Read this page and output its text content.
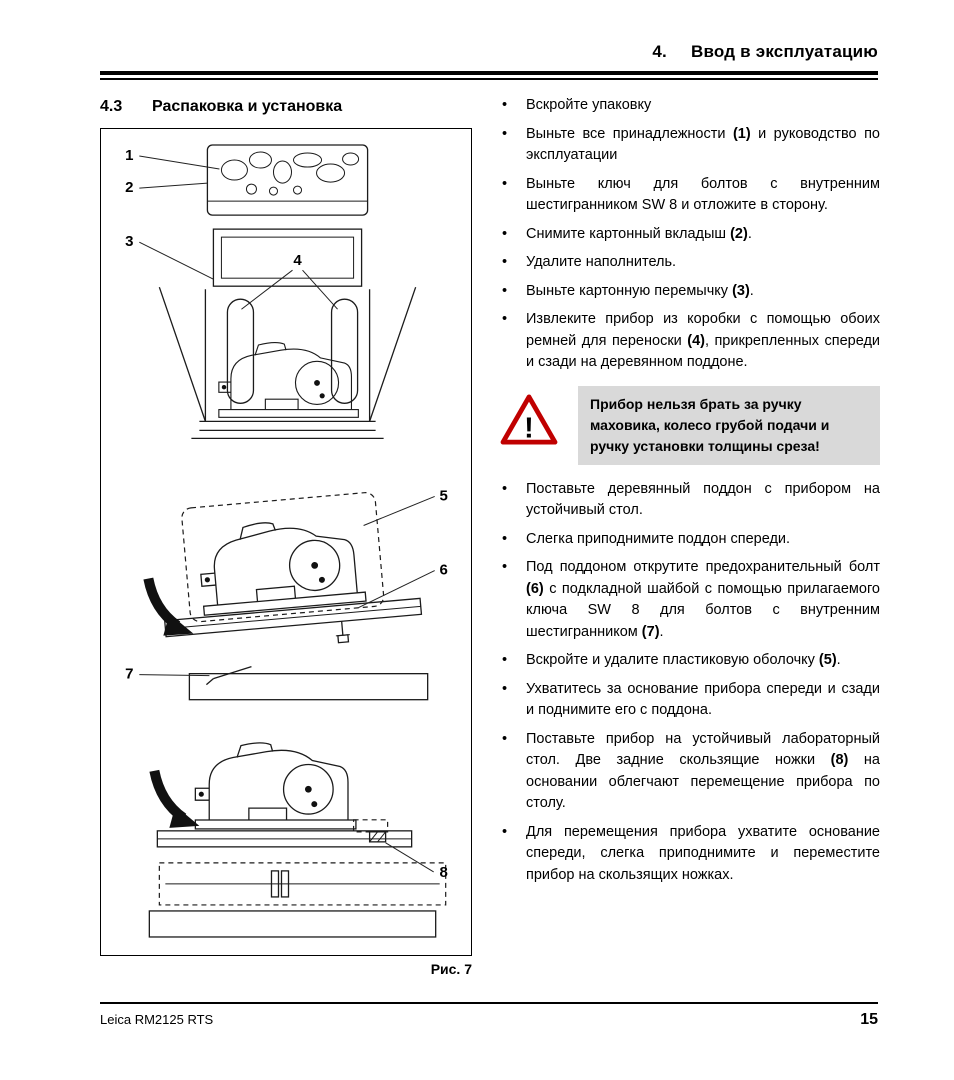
4. Ввод в эксплуатацию
4.3 Распаковка и установка
1
2
3
4
5
6
7
8
Рис. 7
•	Вскройте упаковку
•	Выньте все принадлежности (1) и руководство по эксплуатации
•	Выньте ключ для болтов с внутренним шестигранником SW 8 и отложите в сторону.
•	Снимите картонный вкладыш (2).
•	Удалите наполнитель.
•	Выньте картонную перемычку (3).
•	Извлеките прибор из коробки с помощью обоих ремней для переноски (4), прикрепленных спереди и сзади на деревянном поддоне.
!
Прибор нельзя брать за ручку маховика, колесо грубой подачи и ручку установки толщины среза!
•	Поставьте деревянный поддон с прибором на устойчивый стол.
•	Слегка приподнимите поддон спереди.
•	Под поддоном открутите предохранительный болт (6) с подкладной шайбой с помощью прилагаемого ключа SW 8 для болтов с внутренним шестигранником (7).
•	Вскройте и удалите пластиковую оболочку (5).
•	Ухватитесь за основание прибора спереди и сзади и поднимите его с поддона.
•	Поставьте прибор на устойчивый лабораторный стол. Две задние скользящие ножки (8) на основании облегчают перемещение прибора по столу.
•	Для перемещения прибора ухватите основание спереди, слегка приподнимите и переместите прибор на скользящих ножках.
Leica RM2125 RTS	15
